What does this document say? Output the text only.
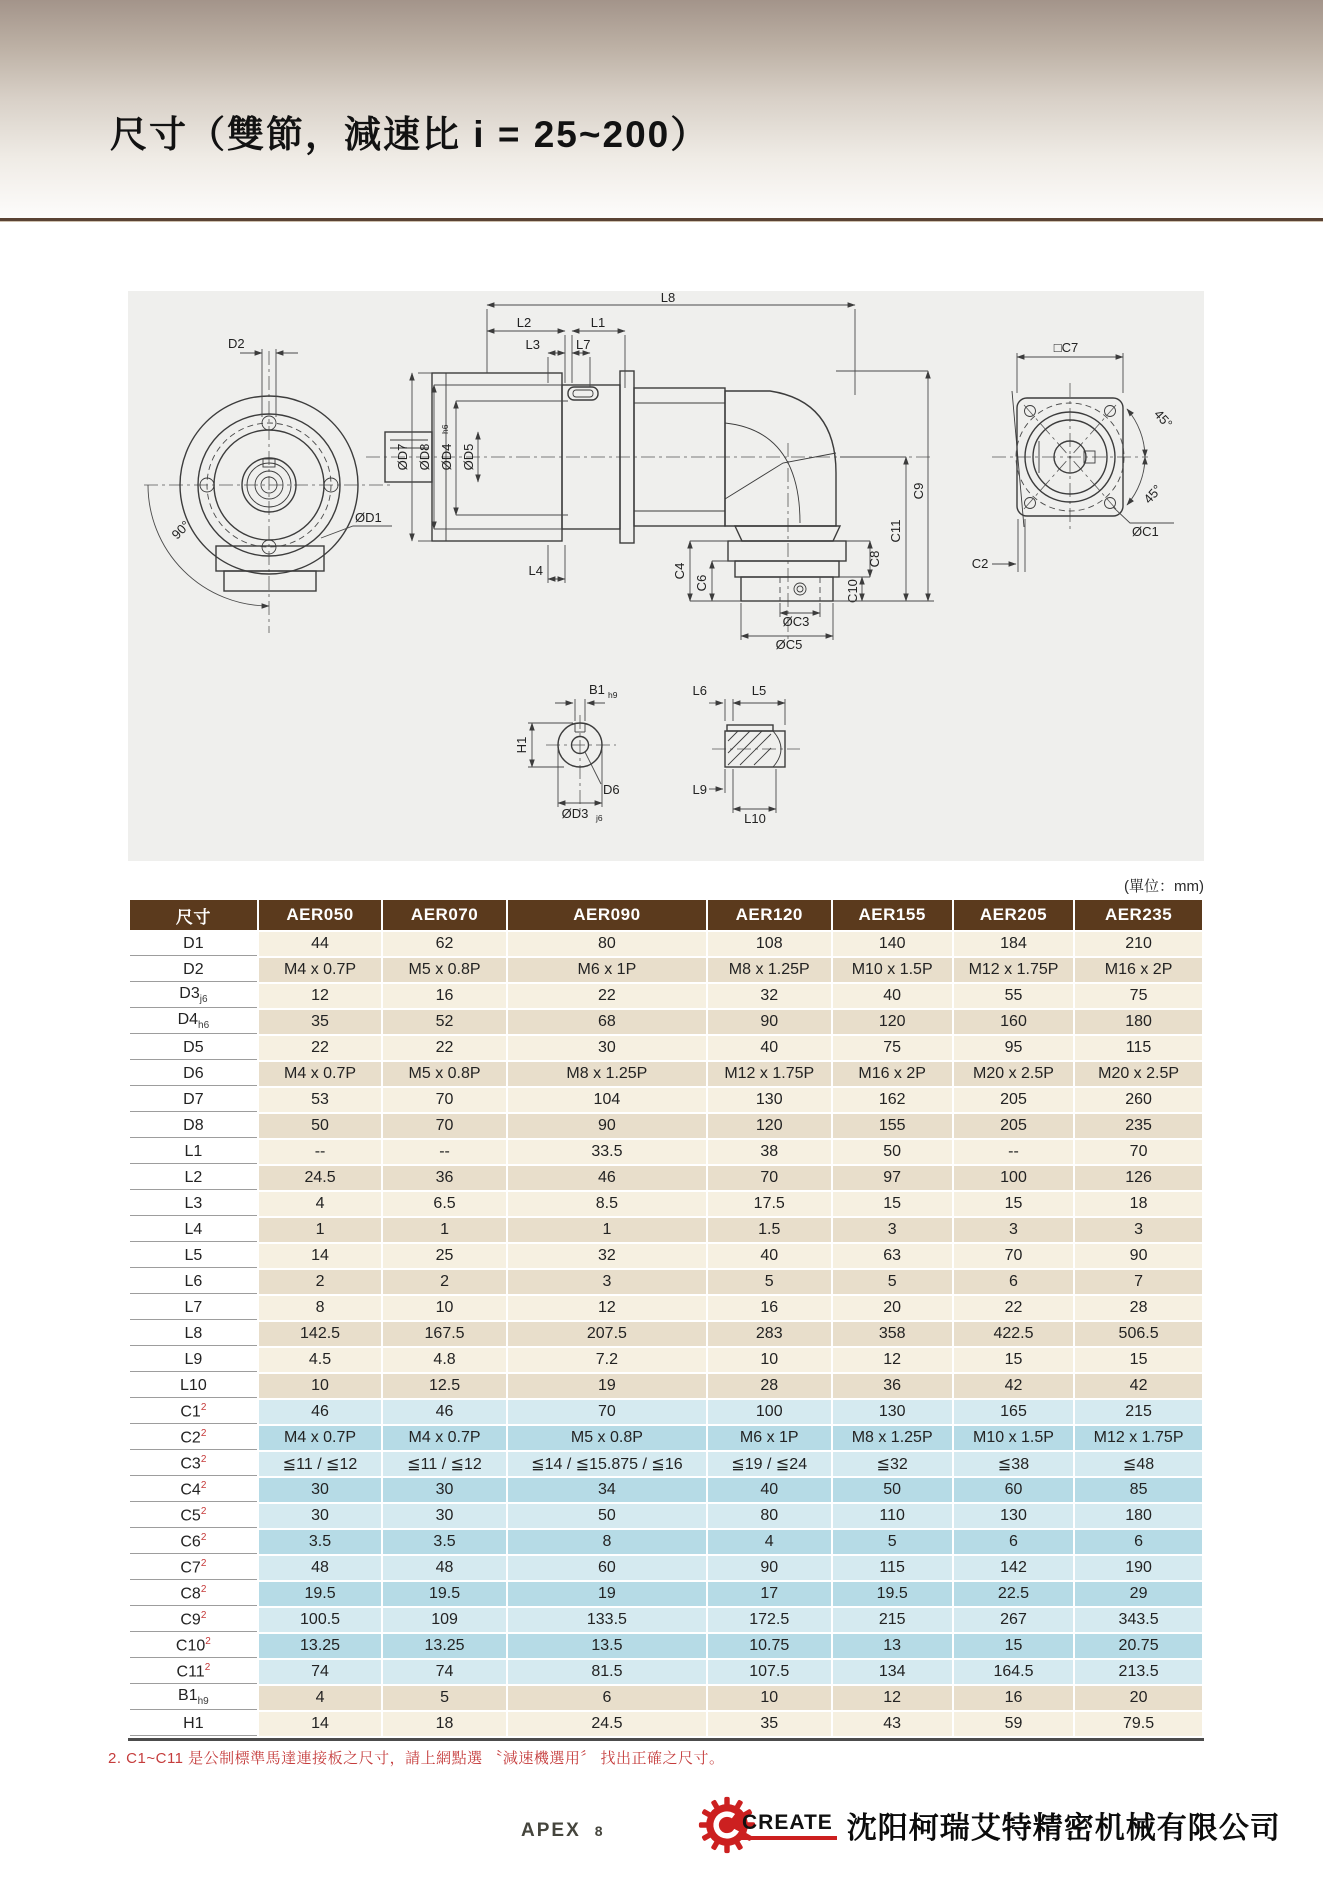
尺寸（雙節，減速比 i = 25~200）
D2
ØD1
90°
L8
L2	L1
L3	L7
ØD7 ØD8 ØD4
h6
ØD5
L4	C4
C6
ØC3
ØC5
C8
C10
C9
C11
□C7
45°
45°
ØC1
C2
B1 h9
H1
D6
ØD3 j6
L6	L5
L9
L10
(單位：mm)
尺寸	AER050	AER070	AER090	AER120	AER155	AER205	AER235
D1	44	62	80	108	140	184	210
D2	M4 x 0.7P	M5 x 0.8P	M6 x 1P	M8 x 1.25P	M10 x 1.5P	M12 x 1.75P	M16 x 2P
$D3_{j6}$	12	16	22	32	40	55	75
$D4_{h6}$	35	52	68	90	120	160	180
D5	22	22	30	40	75	95	115
D6	M4 x 0.7P	M5 x 0.8P	M8 x 1.25P	M12 x 1.75P	M16 x 2P	M20 x 2.5P	M20 x 2.5P
D7	53	70	104	130	162	205	260
D8	50	70	90	120	155	205	235
L1	--	--	33.5	38	50	--	70
L2	24.5	36	46	70	97	100	126
L3	4	6.5	8.5	17.5	15	15	18
L4	1	1	1	1.5	3	3	3
L5	14	25	32	40	63	70	90
L6	2	2	3	5	5	6	7
L7	8	10	12	16	20	22	28
L8	142.5	167.5	207.5	283	358	422.5	506.5
L9	4.5	4.8	7.2	10	12	15	15
L10	10	12.5	19	28	36	42	42
$C1^2$	46	46	70	100	130	165	215
$C2^2$	M4 x 0.7P	M4 x 0.7P	M5 x 0.8P	M6 x 1P	M8 x 1.25P	M10 x 1.5P	M12 x 1.75P
$C3^2$	≦11 / ≦12	≦11 / ≦12	≦14 / ≦15.875 / ≦16	≦19 / ≦24	≦32	≦38	≦48
$C4^2$	30	30	34	40	50	60	85
$C5^2$	30	30	50	80	110	130	180
$C6^2$	3.5	3.5	8	4	5	6	6
$C7^2$	48	48	60	90	115	142	190
$C8^2$	19.5	19.5	19	17	19.5	22.5	29
$C9^2$	100.5	109	133.5	172.5	215	267	343.5
$C10^2$	13.25	13.25	13.5	10.75	13	15	20.75
$C11^2$	74	74	81.5	107.5	134	164.5	213.5
$B1_{h9}$	4	5	6	10	12	16	20
H1	14	18	24.5	35	43	59	79.5

2. C1~C11 是公制標準馬達連接板之尺寸，請上網點選 〝減速機選用〞 找出正確之尺寸。

APEX 8	CREATE 沈阳柯瑞艾特精密机械有限公司
